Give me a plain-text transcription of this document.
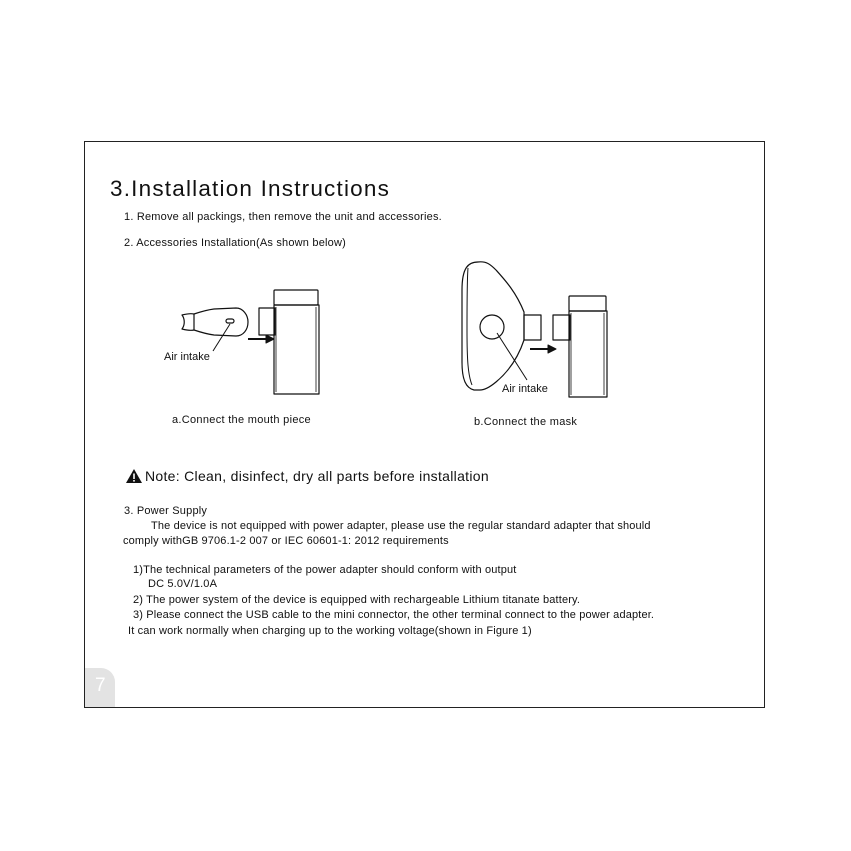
3.Installation Instructions
1. Remove all packings, then remove the unit and accessories.
2. Accessories Installation(As shown below)
Air intake
a.Connect the mouth piece
Air intake
b.Connect the mask
Note: Clean, disinfect, dry all parts before installation
3. Power Supply
The device is not equipped with power adapter, please use the regular standard adapter that should
comply withGB 9706.1-2 007 or IEC 60601-1: 2012 requirements
1)The technical parameters of the power adapter should conform with output
DC 5.0V/1.0A
2) The power system of the device is equipped with rechargeable Lithium titanate battery.
3) Please connect the USB cable to the mini connector, the other terminal connect to the power adapter.
It can work normally when charging up to the working voltage(shown in Figure 1)
7
